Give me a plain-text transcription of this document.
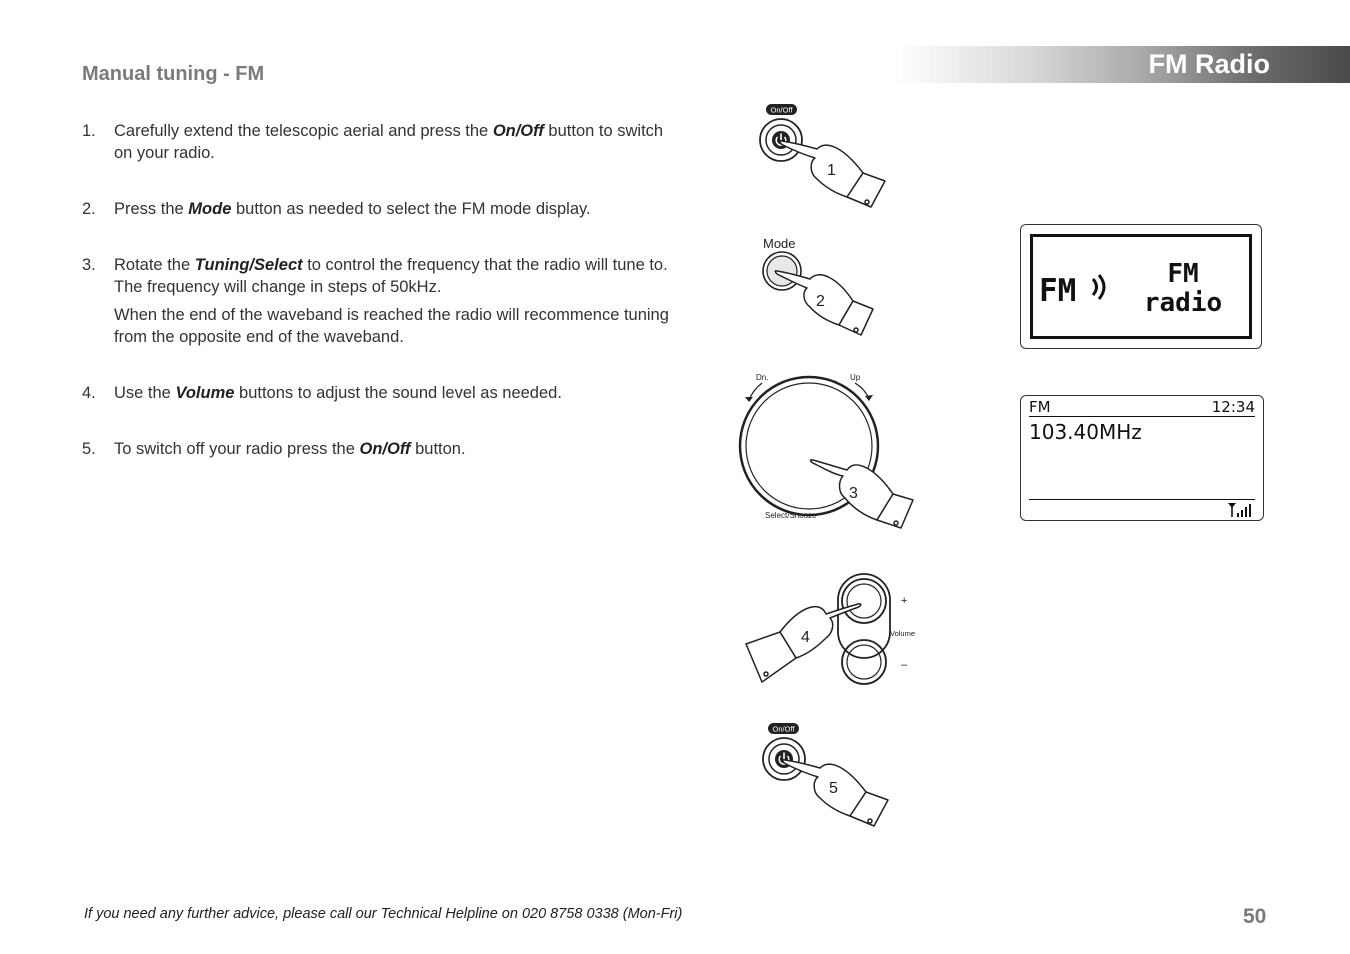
FM Radio
Manual tuning - FM
1. Carefully extend the telescopic aerial and press the On/Off button to switch on your radio.

2. Press the Mode button as needed to select the FM mode display.

3. Rotate the Tuning/Select to control the frequency that the radio will tune to. The frequency will change in steps of 50kHz.

When the end of the waveband is reached the radio will recommence tuning from the opposite end of the waveband.

4. Use the Volume buttons to adjust the sound level as needed.

5. To switch off your radio press the On/Off button.

On/Off
1
Mode
2
Dn.	Up
Select/Snooze
3
+
Volume
–
4
On/Off
5
FM	FM
radio
FM	12:34
103.40MHz
If you need any further advice, please call our Technical Helpline on 020 8758 0338 (Mon-Fri)	50
